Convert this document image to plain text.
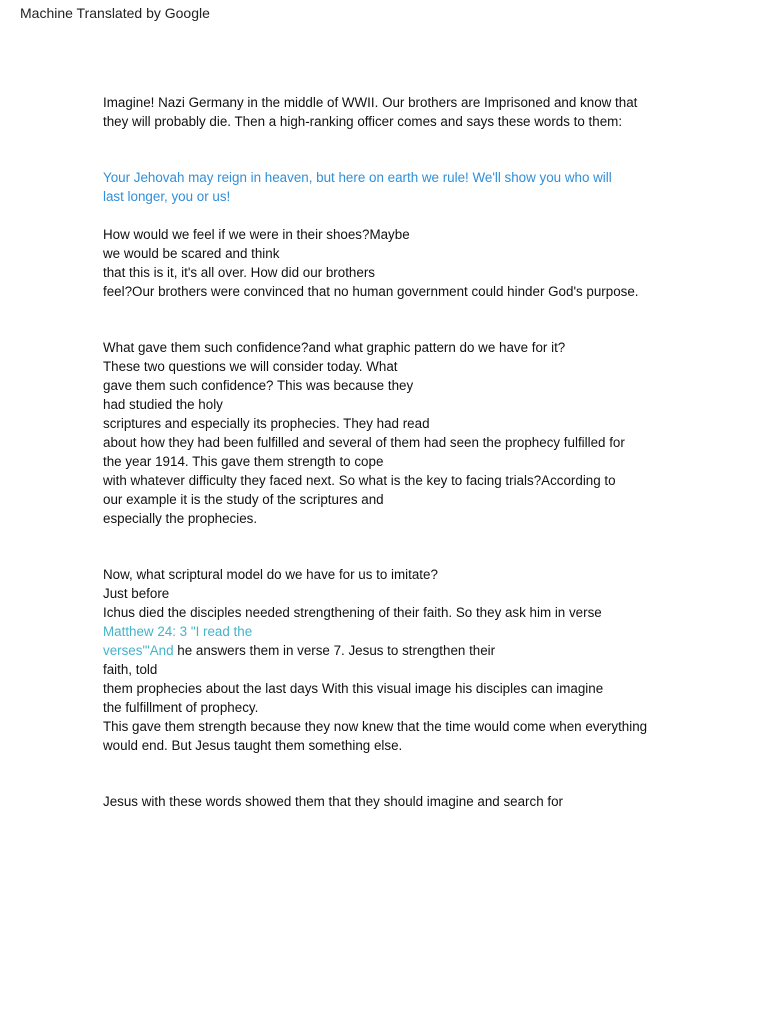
Machine Translated by Google
Imagine! Nazi Germany in the middle of WWII. Our brothers are Imprisoned and know that
they will probably die. Then a high-ranking officer comes and says these words to them:
Your Jehovah may reign in heaven, but here on earth we rule! We'll show you who will
last longer, you or us!
How would we feel if we were in their shoes?Maybe
we would be scared and think
that this is it, it's all over. How did our brothers
feel?Our brothers were convinced that no human government could hinder God's purpose.
What gave them such confidence?and what graphic pattern do we have for it?
These two questions we will consider today. What
gave them such confidence? This was because they
had studied the holy
scriptures and especially its prophecies. They had read
about how they had been fulfilled and several of them had seen the prophecy fulfilled for
the year 1914. This gave them strength to cope
with whatever difficulty they faced next. So what is the key to facing trials?According to
our example it is the study of the scriptures and
especially the prophecies.
Now, what scriptural model do we have for us to imitate?
Just before
Ichus died the disciples needed strengthening of their faith. So they ask him in verse
Matthew 24: 3 "I read the
verses"'And he answers them in verse 7. Jesus to strengthen their
faith, told
them prophecies about the last days With this visual image his disciples can imagine
the fulfillment of prophecy.
This gave them strength because they now knew that the time would come when everything
would end. But Jesus taught them something else.
Jesus with these words showed them that they should imagine and search for
